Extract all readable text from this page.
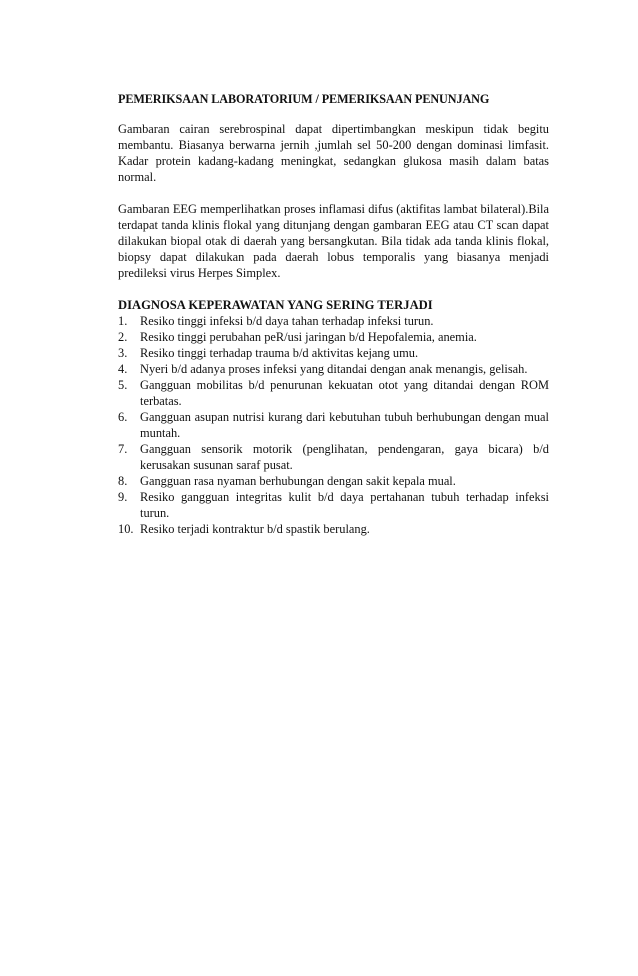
PEMERIKSAAN LABORATORIUM / PEMERIKSAAN PENUNJANG

Gambaran cairan serebrospinal dapat dipertimbangkan meskipun tidak begitu membantu. Biasanya berwarna jernih ,jumlah sel 50-200 dengan dominasi limfasit. Kadar protein kadang-kadang meningkat, sedangkan glukosa masih dalam batas normal.

Gambaran EEG memperlihatkan proses inflamasi difus (aktifitas lambat bilateral).Bila terdapat tanda klinis flokal yang ditunjang dengan gambaran EEG atau CT scan dapat dilakukan biopal otak di daerah yang bersangkutan. Bila tidak ada tanda klinis flokal, biopsy dapat dilakukan pada daerah lobus temporalis yang biasanya menjadi predileksi virus Herpes Simplex.

DIAGNOSA KEPERAWATAN YANG SERING TERJADI
1.	Resiko tinggi infeksi b/d daya tahan terhadap infeksi turun.
2.	Resiko tinggi perubahan peR/usi jaringan b/d Hepofalemia, anemia.
3.	Resiko tinggi terhadap trauma b/d aktivitas kejang umu.
4.	Nyeri b/d adanya proses infeksi yang ditandai dengan anak menangis, gelisah.
5.	Gangguan mobilitas b/d penurunan kekuatan otot yang ditandai dengan ROM terbatas.
6.	Gangguan asupan nutrisi kurang dari kebutuhan tubuh berhubungan dengan mual muntah.
7.	Gangguan sensorik motorik (penglihatan, pendengaran, gaya bicara) b/d kerusakan susunan saraf pusat.
8.	Gangguan rasa nyaman berhubungan dengan sakit kepala mual.
9.	Resiko gangguan integritas kulit b/d daya pertahanan tubuh terhadap infeksi turun.
10. Resiko terjadi kontraktur b/d spastik berulang.
